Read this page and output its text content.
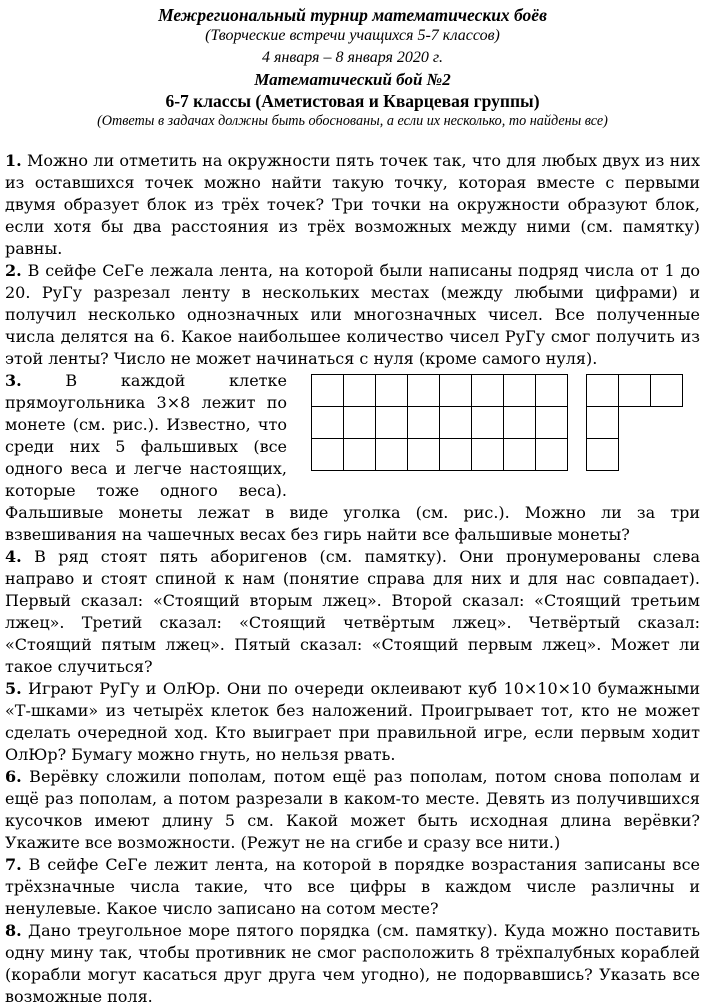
Межрегиональный турнир математических боёв
(Творческие встречи учащихся 5-7 классов)
4 января – 8 января 2020 г.
Математический бой №2
6-7 классы (Аметистовая и Кварцевая группы)
(Ответы в задачах должны быть обоснованы, а если их несколько, то найдены все)

1. Можно ли отметить на окружности пять точек так, что для любых двух из них из оставшихся точек можно найти такую точку, которая вместе с первыми двумя образует блок из трёх точек? Три точки на окружности образуют блок, если хотя бы два расстояния из трёх возможных между ними (см. памятку) равны.

2. В сейфе СеГе лежала лента, на которой были написаны подряд числа от 1 до 20. РуГу разрезал ленту в нескольких местах (между любыми цифрами) и получил несколько однозначных или многозначных чисел. Все полученные числа делятся на 6. Какое наибольшее количество чисел РуГу смог получить из этой ленты? Число не может начинаться с нуля (кроме самого нуля).

3. В каждой клетке прямоугольника 3×8 лежит по монете (см. рис.). Известно, что среди них 5 фальшивых (все одного веса и легче настоящих, которые тоже одного веса).

Фальшивые монеты лежат в виде уголка (см. рис.). Можно ли за три взвешивания на чашечных весах без гирь найти все фальшивые монеты?

4. В ряд стоят пять аборигенов (см. памятку). Они пронумерованы слева направо и стоят спиной к нам (понятие справа для них и для нас совпадает). Первый сказал: «Стоящий вторым лжец». Второй сказал: «Стоящий третьим лжец». Третий сказал: «Стоящий четвёртым лжец». Четвёртый сказал: «Стоящий пятым лжец». Пятый сказал: «Стоящий первым лжец». Может ли такое случиться?

5. Играют РуГу и ОлЮр. Они по очереди оклеивают куб 10×10×10 бумажными «Т-шками» из четырёх клеток без наложений. Проигрывает тот, кто не может сделать очередной ход. Кто выиграет при правильной игре, если первым ходит ОлЮр? Бумагу можно гнуть, но нельзя рвать.

6. Верёвку сложили пополам, потом ещё раз пополам, потом снова пополам и ещё раз пополам, а потом разрезали в каком-то месте. Девять из получившихся кусочков имеют длину 5 см. Какой может быть исходная длина верёвки? Укажите все возможности. (Режут не на сгибе и сразу все нити.)

7. В сейфе СеГе лежит лента, на которой в порядке возрастания записаны все трёхзначные числа такие, что все цифры в каждом числе различны и ненулевые. Какое число записано на сотом месте?

8. Дано треугольное море пятого порядка (см. памятку). Куда можно поставить одну мину так, чтобы противник не смог расположить 8 трёхпалубных кораблей (корабли могут касаться друг друга чем угодно), не подорвавшись? Указать все возможные поля.
